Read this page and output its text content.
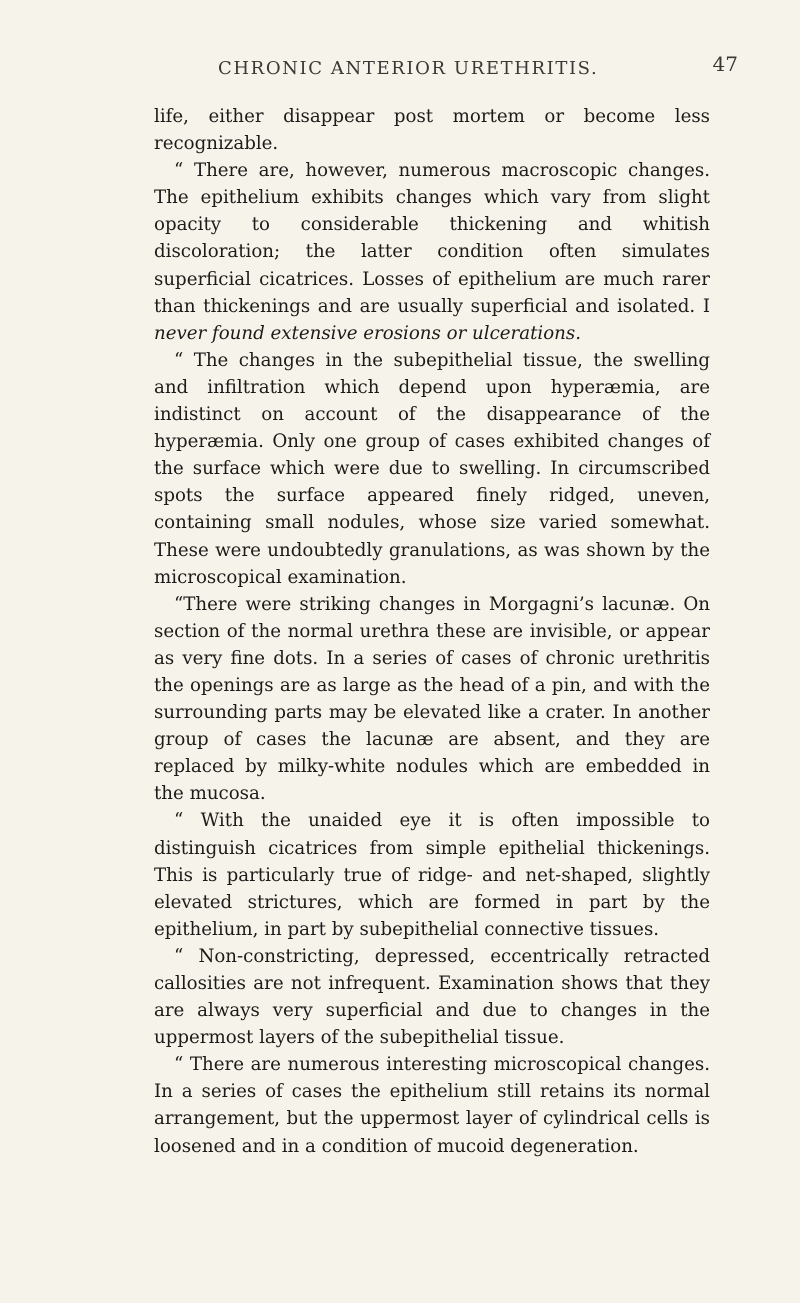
CHRONIC ANTERIOR URETHRITIS.	47

life, either disappear post mortem or become less recognizable.

“ There are, however, numerous macroscopic changes. The epithelium exhibits changes which vary from slight opacity to considerable thickening and whitish discoloration; the latter condition often simulates superficial cicatrices. Losses of epithelium are much rarer than thickenings and are usually superficial and isolated. I never found extensive erosions or ulcerations.

“ The changes in the subepithelial tissue, the swelling and infiltration which depend upon hyperæmia, are indistinct on account of the disappearance of the hyperæmia. Only one group of cases exhibited changes of the surface which were due to swelling. In circumscribed spots the surface appeared finely ridged, uneven, containing small nodules, whose size varied somewhat. These were undoubtedly granulations, as was shown by the microscopical examination.

“There were striking changes in Morgagni’s lacunæ. On section of the normal urethra these are invisible, or appear as very fine dots. In a series of cases of chronic urethritis the openings are as large as the head of a pin, and with the surrounding parts may be elevated like a crater. In another group of cases the lacunæ are absent, and they are replaced by milky-white nodules which are embedded in the mucosa.

“ With the unaided eye it is often impossible to distinguish cicatrices from simple epithelial thickenings. This is particularly true of ridge- and net-shaped, slightly elevated strictures, which are formed in part by the epithelium, in part by subepithelial connective tissues.

“ Non-constricting, depressed, eccentrically retracted callosities are not infrequent. Examination shows that they are always very superficial and due to changes in the uppermost layers of the subepithelial tissue.

“ There are numerous interesting microscopical changes. In a series of cases the epithelium still retains its normal arrangement, but the uppermost layer of cylindrical cells is loosened and in a condition of mucoid degeneration.
